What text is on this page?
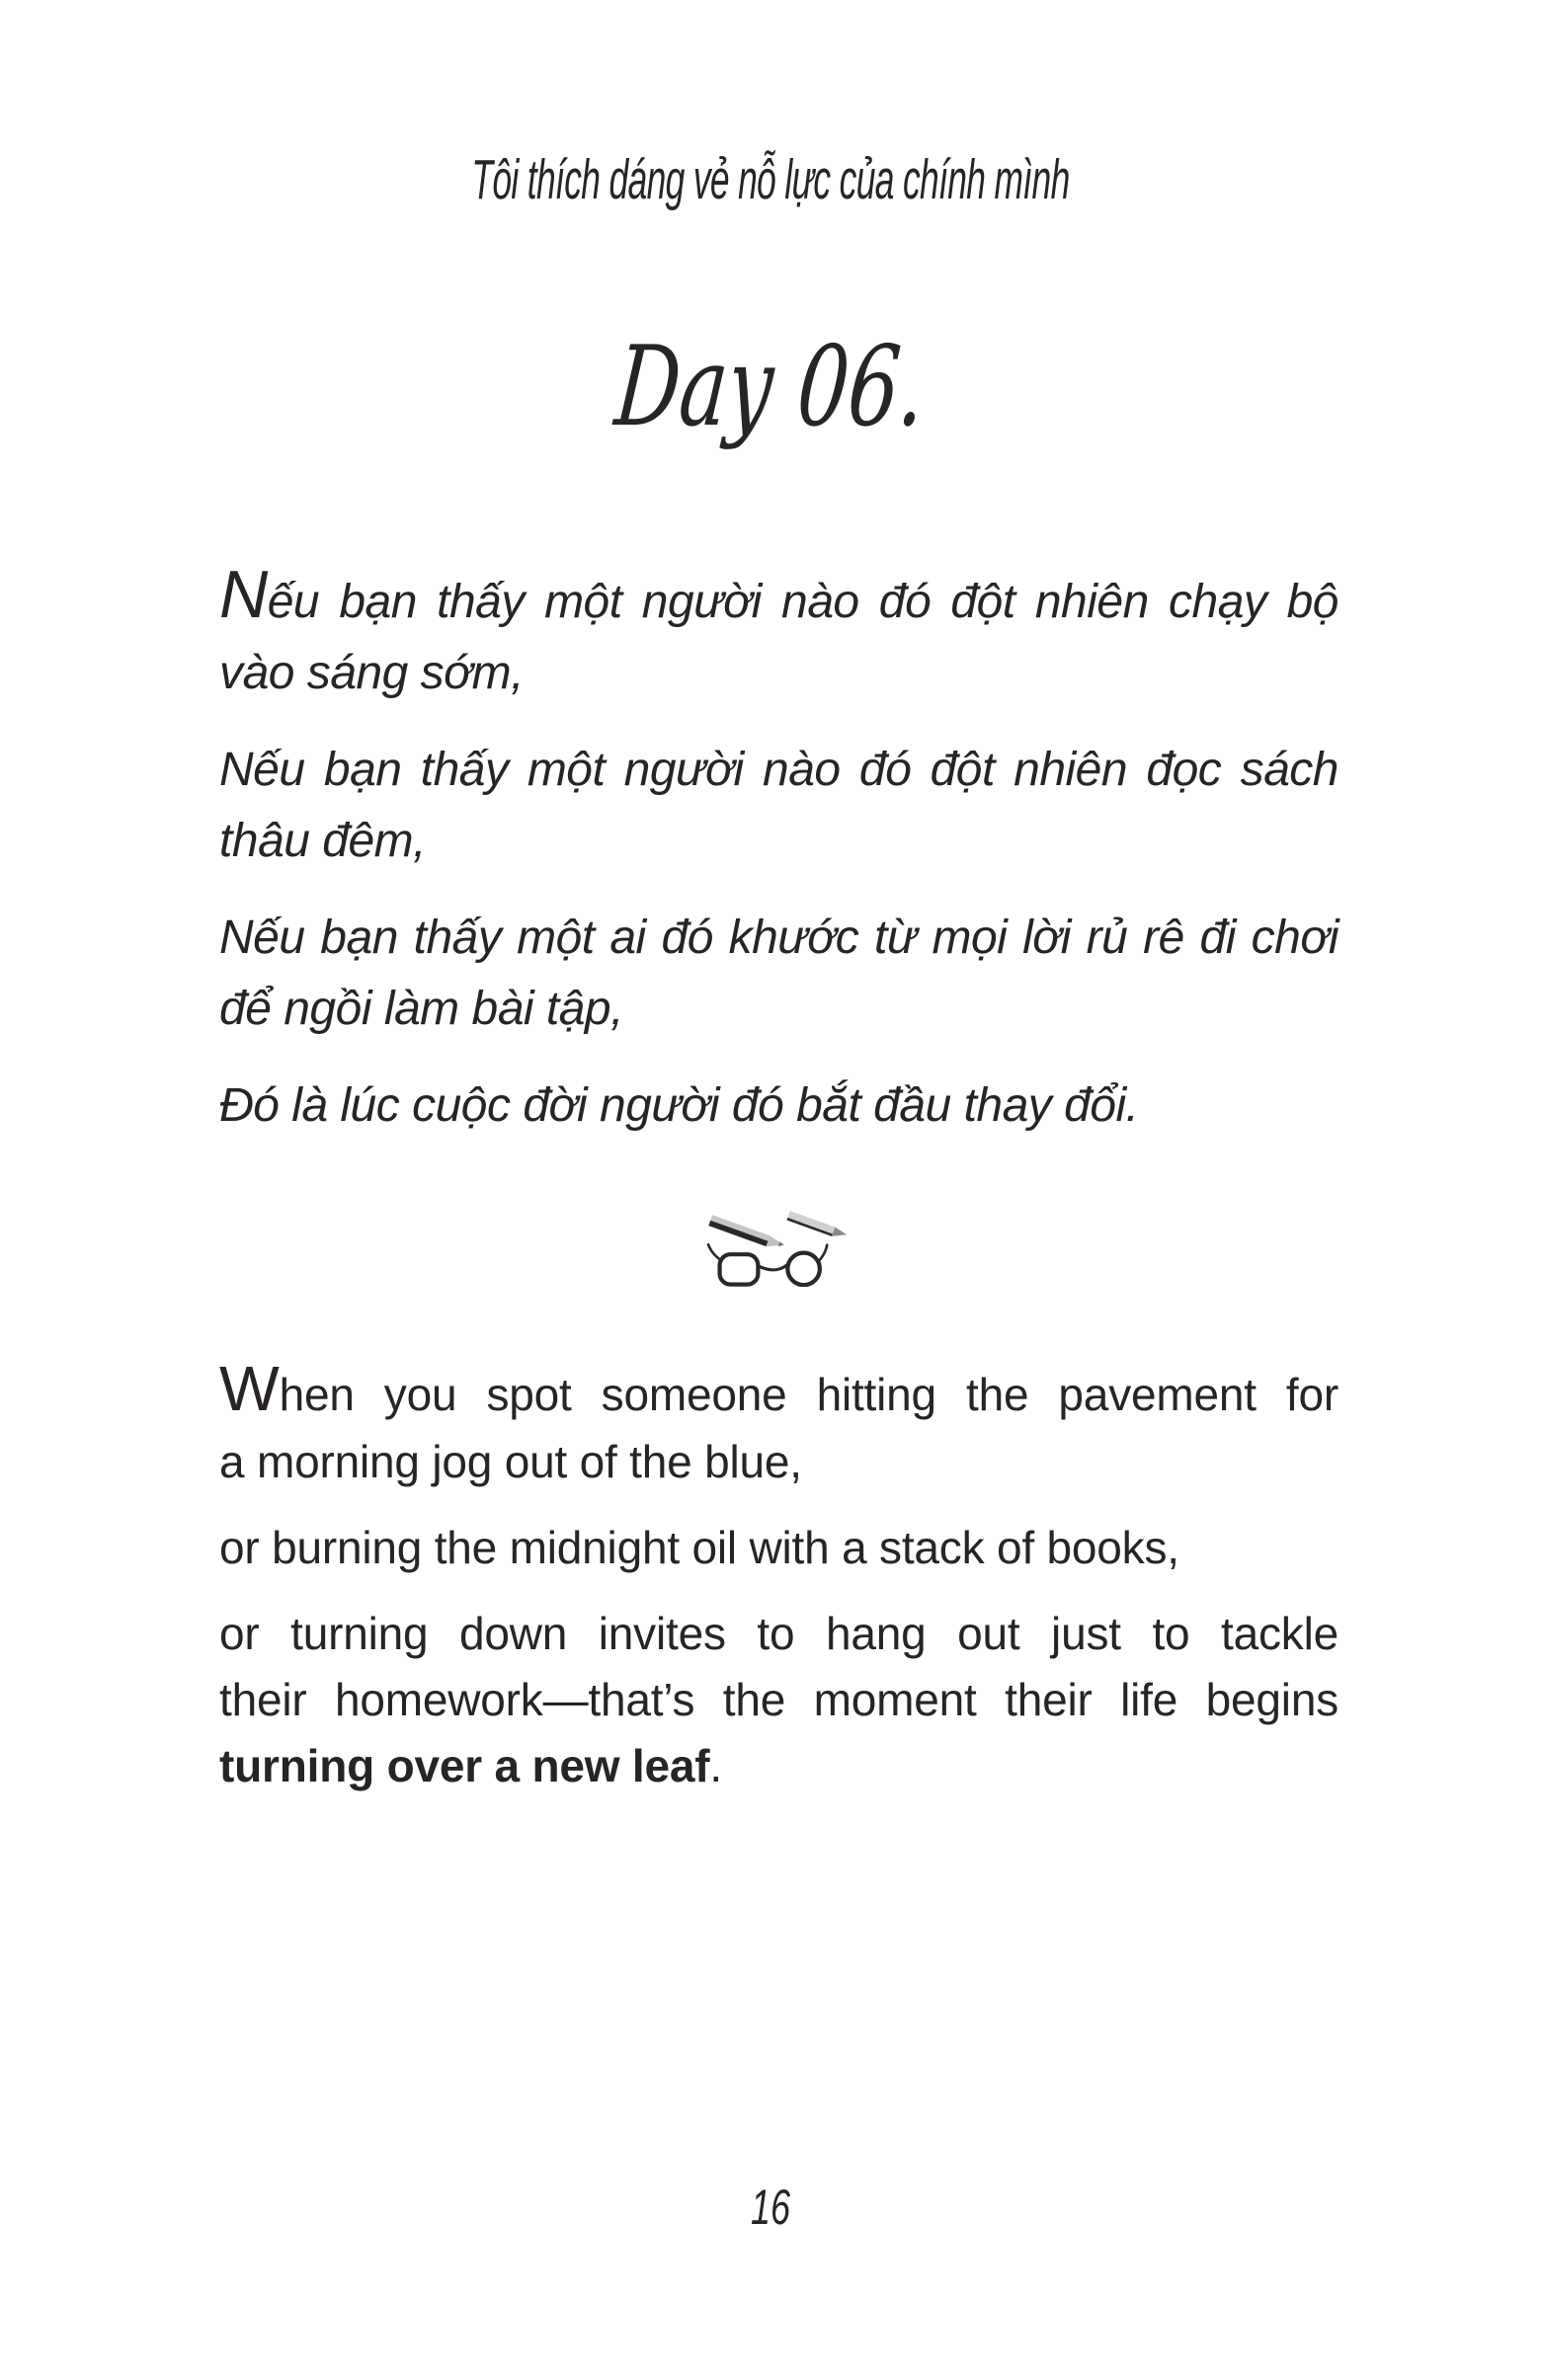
Tôi thích dáng vẻ nỗ lực của chính mình
Day 06.
Nếu bạn thấy một người nào đó đột nhiên chạy bộ
vào sáng sớm,
Nếu bạn thấy một người nào đó đột nhiên đọc sách
thâu đêm,
Nếu bạn thấy một ai đó khước từ mọi lời rủ rê đi chơi
để ngồi làm bài tập,
Đó là lúc cuộc đời người đó bắt đầu thay đổi.
When you spot someone hitting the pavement for
a morning jog out of the blue,
or burning the midnight oil with a stack of books,
or turning down invites to hang out just to tackle
their homework—that’s the moment their life begins
turning over a new leaf.
16
